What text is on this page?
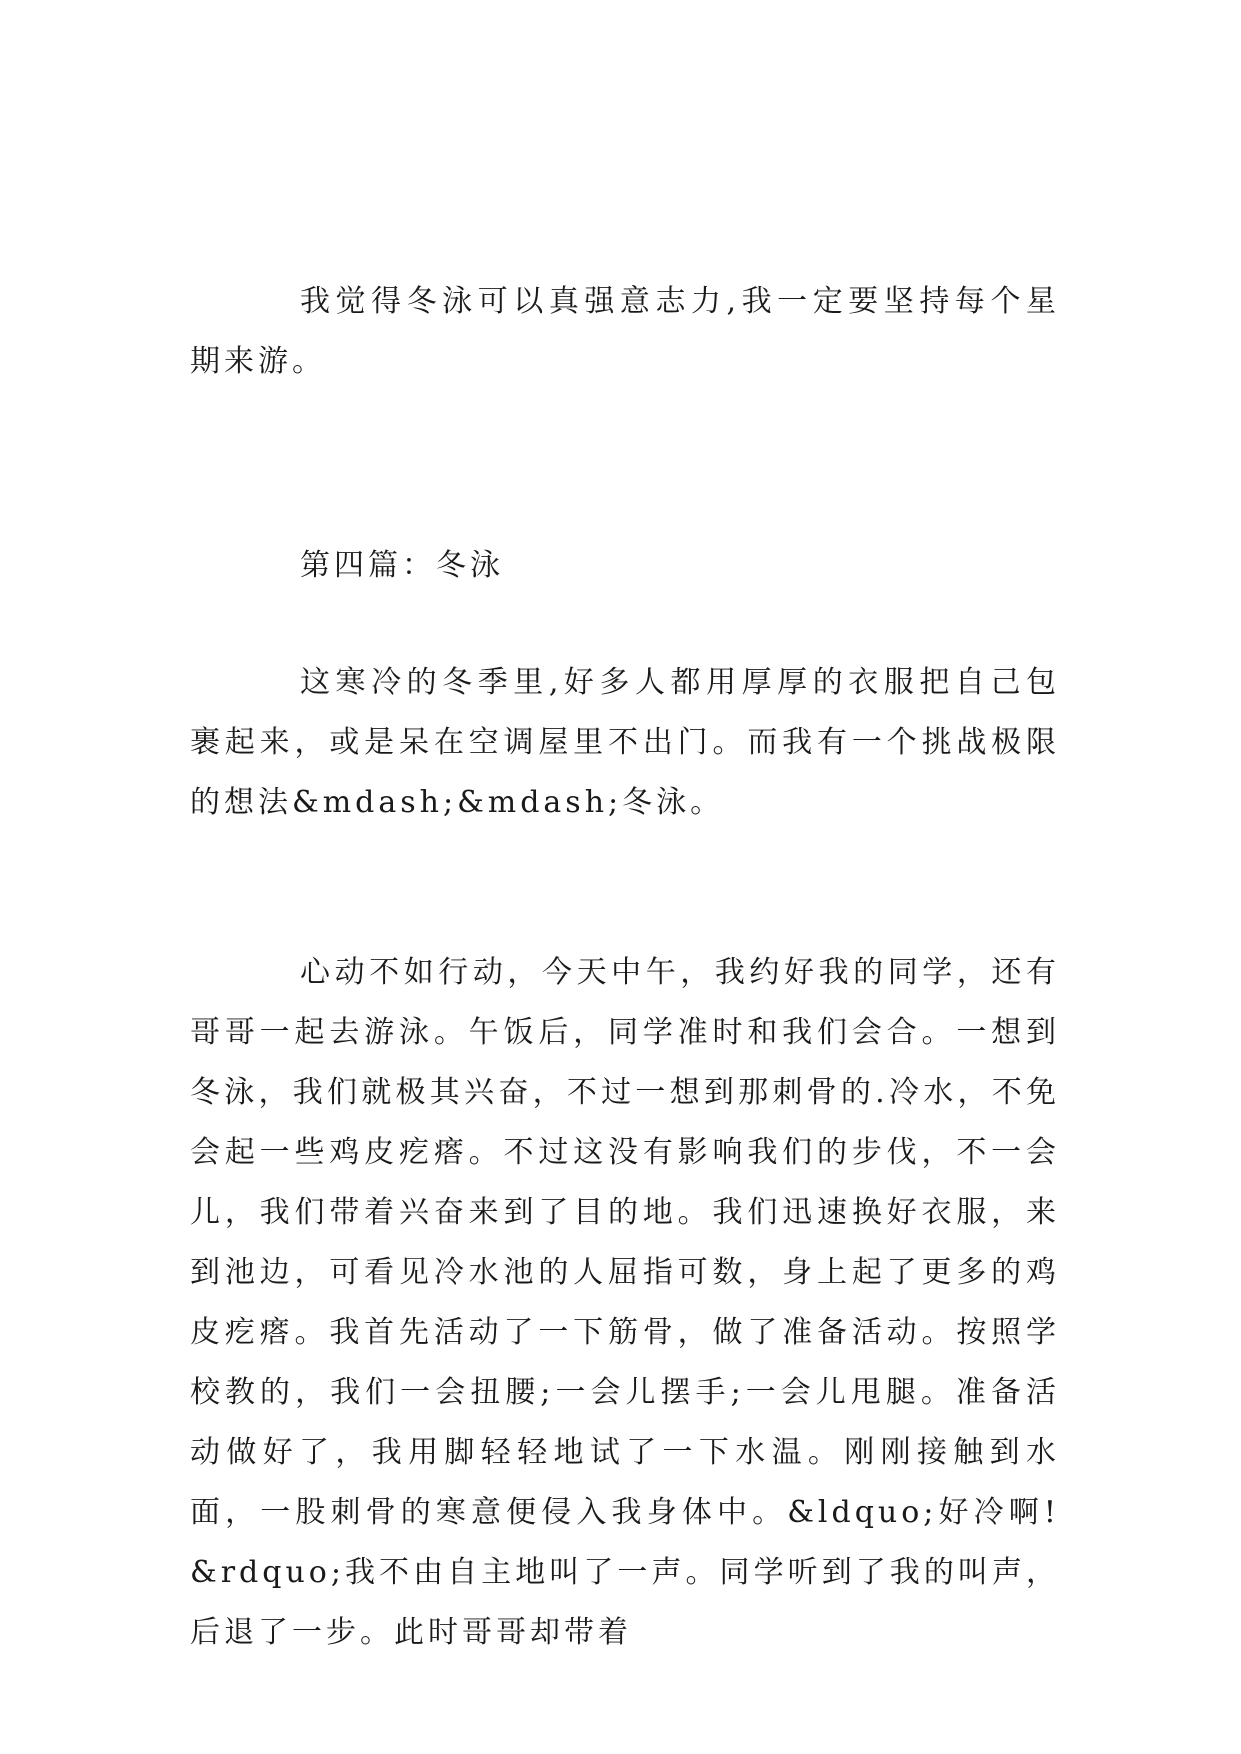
我觉得冬泳可以真强意志力,我一定要坚持每个星期来游。

第四篇：冬泳

这寒冷的冬季里,好多人都用厚厚的衣服把自己包裹起来，或是呆在空调屋里不出门。而我有一个挑战极限的想法&mdash;&mdash;冬泳。

心动不如行动，今天中午，我约好我的同学，还有哥哥一起去游泳。午饭后，同学准时和我们会合。一想到冬泳，我们就极其兴奋，不过一想到那刺骨的.冷水，不免会起一些鸡皮疙瘩。不过这没有影响我们的步伐，不一会儿，我们带着兴奋来到了目的地。我们迅速换好衣服，来到池边，可看见冷水池的人屈指可数，身上起了更多的鸡皮疙瘩。我首先活动了一下筋骨，做了准备活动。按照学校教的，我们一会扭腰;一会儿摆手;一会儿甩腿。准备活动做好了，我用脚轻轻地试了一下水温。刚刚接触到水面，一股刺骨的寒意便侵入我身体中。&ldquo;好冷啊!&rdquo;我不由自主地叫了一声。同学听到了我的叫声，后退了一步。此时哥哥却带着
